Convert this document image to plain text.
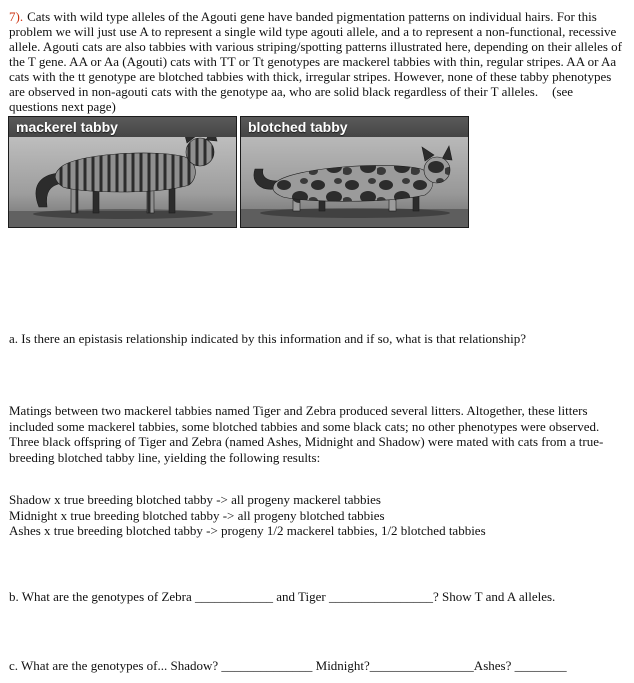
7). Cats with wild type alleles of the Agouti gene have banded pigmentation patterns on individual hairs. For this problem we will just use A to represent a single wild type agouti allele, and a to represent a non-functional, recessive allele. Agouti cats are also tabbies with various striping/spotting patterns illustrated here, depending on their alleles of the T gene. AA or Aa (Agouti) cats with TT or Tt genotypes are mackerel tabbies with thin, regular stripes. AA or Aa cats with the tt genotype are blotched tabbies with thick, irregular stripes. However, none of these tabby phenotypes are observed in non-agouti cats with the genotype aa, who are solid black regardless of their T alleles. (see questions next page)

mackerel tabby	blotched tabby

a. Is there an epistasis relationship indicated by this information and if so, what is that relationship?

Matings between two mackerel tabbies named Tiger and Zebra produced several litters. Altogether, these litters included some mackerel tabbies, some blotched tabbies and some black cats; no other phenotypes were observed. Three black offspring of Tiger and Zebra (named Ashes, Midnight and Shadow) were mated with cats from a true-breeding blotched tabby line, yielding the following results:

Shadow x true breeding blotched tabby -> all progeny mackerel tabbies
Midnight x true breeding blotched tabby -> all progeny blotched tabbies
Ashes x true breeding blotched tabby -> progeny 1/2 mackerel tabbies, 1/2 blotched tabbies

b. What are the genotypes of Zebra ____________ and Tiger ________________? Show T and A alleles.

c. What are the genotypes of... Shadow? ______________ Midnight?________________Ashes? ________
